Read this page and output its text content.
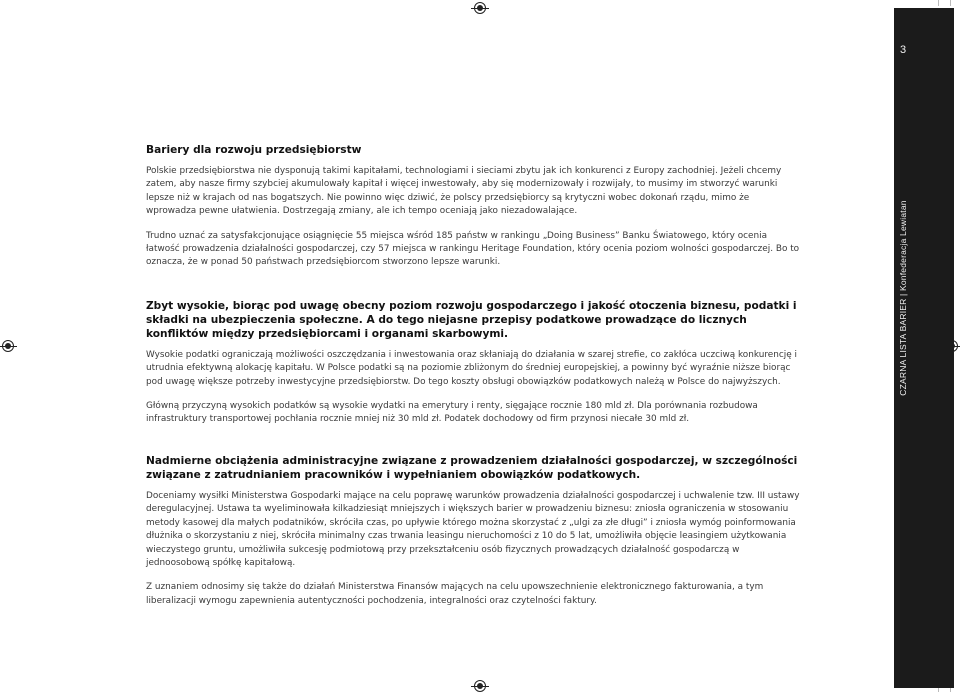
3
CZARNA LISTA BARIER | Konfederacja Lewiatan
Bariery dla rozwoju przedsiębiorstw

Polskie przedsiębiorstwa nie dysponują takimi kapitałami, technologiami i sieciami zbytu jak ich konkurenci z Europy zachodniej. Jeżeli chcemy zatem, aby nasze firmy szybciej akumulowały kapitał i więcej inwestowały, aby się modernizowały i rozwijały, to musimy im stworzyć warunki lepsze niż w krajach od nas bogatszych. Nie powinno więc dziwić, że polscy przedsiębiorcy są krytyczni wobec dokonań rządu, mimo że wprowadza pewne ułatwienia. Dostrzegają zmiany, ale ich tempo oceniają jako niezadowalające.

Trudno uznać za satysfakcjonujące osiągnięcie 55 miejsca wśród 185 państw w rankingu „Doing Business” Banku Światowego, który ocenia łatwość prowadzenia działalności gospodarczej, czy 57 miejsca w rankingu Heritage Foundation, który ocenia poziom wolności gospodarczej. Bo to oznacza, że w ponad 50 państwach przedsiębiorcom stworzono lepsze warunki.

Zbyt wysokie, biorąc pod uwagę obecny poziom rozwoju gospodarczego i jakość otoczenia biznesu, podatki i składki na ubezpieczenia społeczne. A do tego niejasne przepisy podatkowe prowadzące do licznych konfliktów między przedsiębiorcami i organami skarbowymi.

Wysokie podatki ograniczają możliwości oszczędzania i inwestowania oraz skłaniają do działania w szarej strefie, co zakłóca uczciwą konkurencję i utrudnia efektywną alokację kapitału. W Polsce podatki są na poziomie zbliżonym do średniej europejskiej, a powinny być wyraźnie niższe biorąc pod uwagę większe potrzeby inwestycyjne przedsiębiorstw. Do tego koszty obsługi obowiązków podatkowych należą w Polsce do najwyższych.

Główną przyczyną wysokich podatków są wysokie wydatki na emerytury i renty, sięgające rocznie 180 mld zł. Dla porównania rozbudowa infrastruktury transportowej pochłania rocznie mniej niż 30 mld zł. Podatek dochodowy od firm przynosi niecałe 30 mld zł.

Nadmierne obciążenia administracyjne związane z prowadzeniem działalności gospodarczej, w szczególności związane z zatrudnianiem pracowników i wypełnianiem obowiązków podatkowych.

Doceniamy wysiłki Ministerstwa Gospodarki mające na celu poprawę warunków prowadzenia działalności gospodarczej i uchwalenie tzw. III ustawy deregulacyjnej. Ustawa ta wyeliminowała kilkadziesiąt mniejszych i większych barier w prowadzeniu biznesu: zniosła ograniczenia w stosowaniu metody kasowej dla małych podatników, skróciła czas, po upływie którego można skorzystać z „ulgi za złe długi” i zniosła wymóg poinformowania dłużnika o skorzystaniu z niej, skróciła minimalny czas trwania leasingu nieruchomości z 10 do 5 lat, umożliwiła objęcie leasingiem użytkowania wieczystego gruntu, umożliwiła sukcesję podmiotową przy przekształceniu osób fizycznych prowadzących działalność gospodarczą w jednoosobową spółkę kapitałową.

Z uznaniem odnosimy się także do działań Ministerstwa Finansów mających na celu upowszechnienie elektronicznego fakturowania, a tym liberalizacji wymogu zapewnienia autentyczności pochodzenia, integralności oraz czytelności faktury.
